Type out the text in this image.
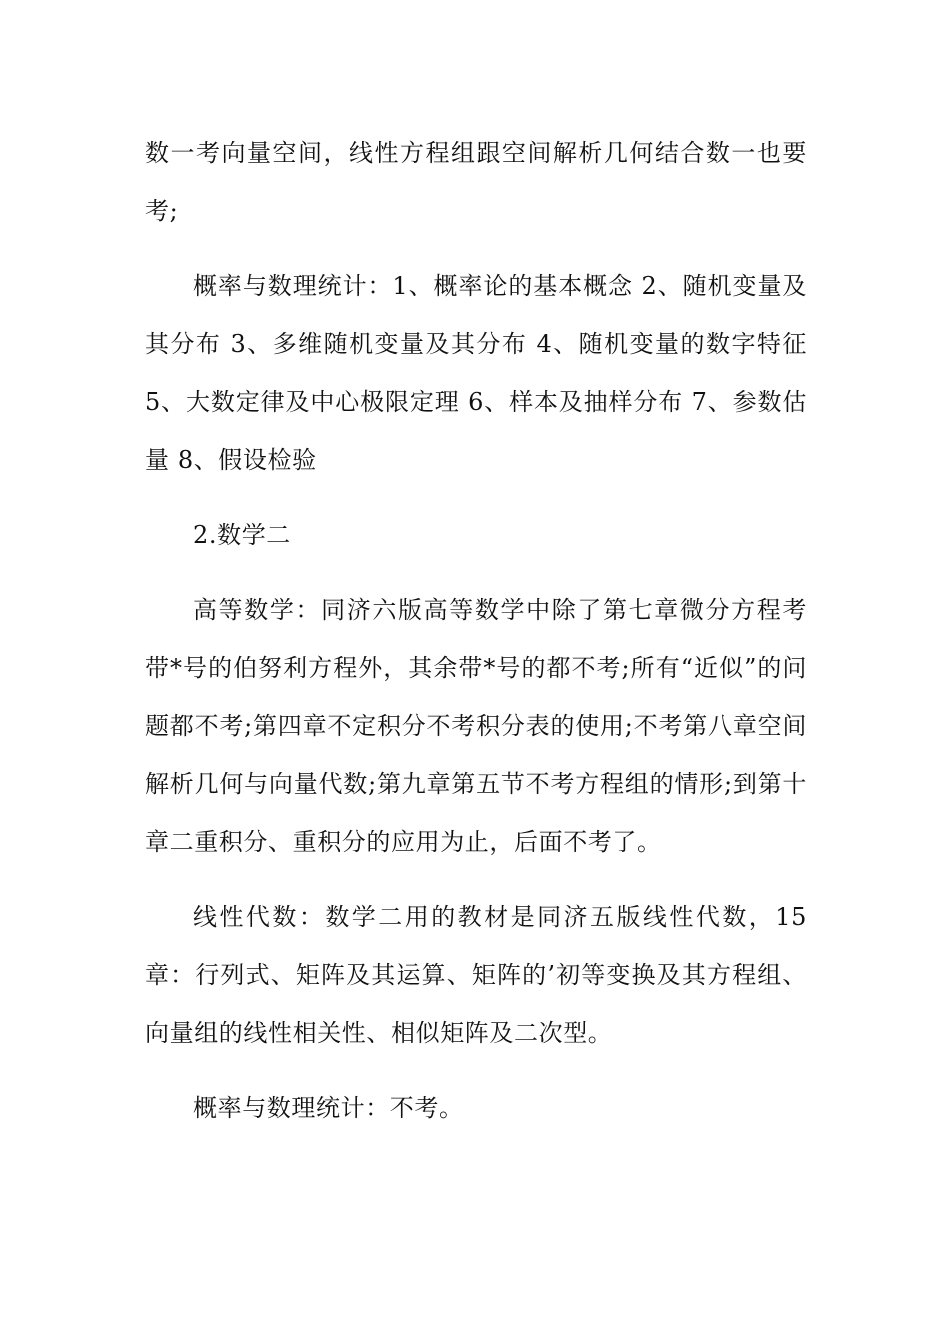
数一考向量空间，线性方程组跟空间解析几何结合数一也要考;

概率与数理统计：1、概率论的基本概念 2、随机变量及其分布 3、多维随机变量及其分布 4、随机变量的数字特征 5、大数定律及中心极限定理 6、样本及抽样分布 7、参数估量 8、假设检验

2.数学二

高等数学：同济六版高等数学中除了第七章微分方程考带*号的伯努利方程外，其余带*号的都不考;所有“近似”的问题都不考;第四章不定积分不考积分表的使用;不考第八章空间解析几何与向量代数;第九章第五节不考方程组的情形;到第十章二重积分、重积分的应用为止，后面不考了。

线性代数：数学二用的教材是同济五版线性代数，15 章：行列式、矩阵及其运算、矩阵的’初等变换及其方程组、向量组的线性相关性、相似矩阵及二次型。

概率与数理统计：不考。
